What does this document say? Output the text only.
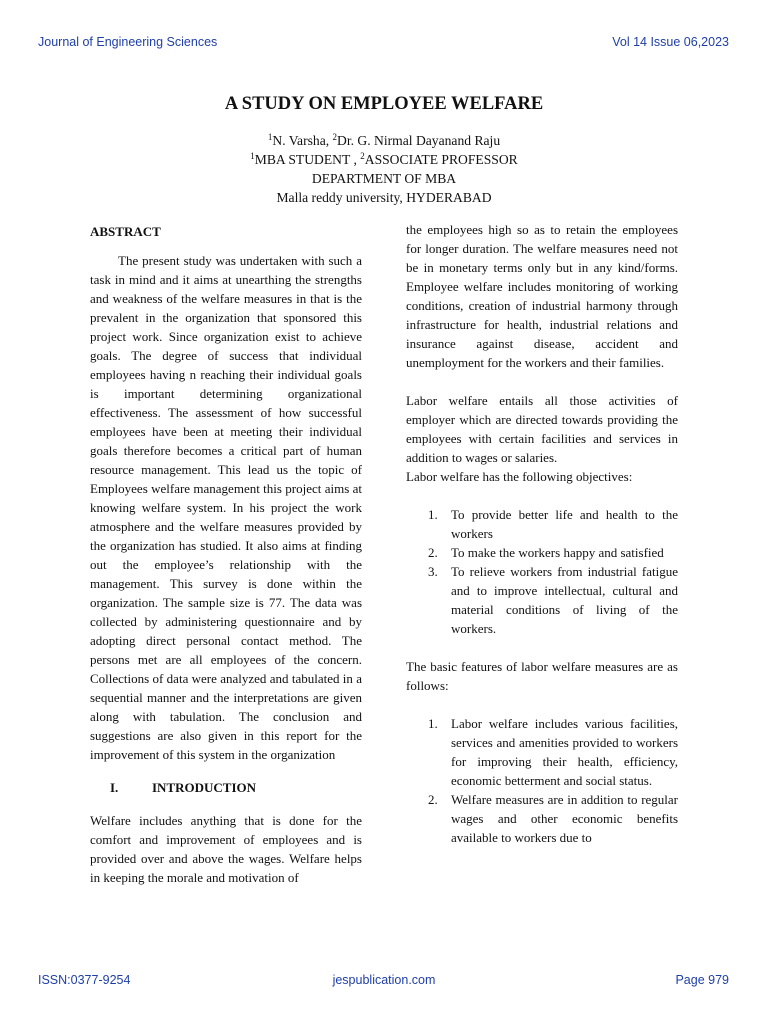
Journal of Engineering Sciences	Vol 14 Issue 06,2023
A STUDY ON EMPLOYEE WELFARE
$^1$N. Varsha, $^2$Dr. G. Nirmal Dayanand Raju
$^1$MBA STUDENT , $^2$ASSOCIATE PROFESSOR
DEPARTMENT OF MBA
Malla reddy university, HYDERABAD

ABSTRACT

The present study was undertaken with such a task in mind and it aims at unearthing the strengths and weakness of the welfare measures in that is the prevalent in the organization that sponsored this project work. Since organization exist to achieve goals. The degree of success that individual employees having n reaching their individual goals is important determining organizational effectiveness. The assessment of how successful employees have been at meeting their individual goals therefore becomes a critical part of human resource management. This lead us the topic of Employees welfare management this project aims at knowing welfare system. In his project the work atmosphere and the welfare measures provided by the organization has studied. It also aims at finding out the employee’s relationship with the management. This survey is done within the organization. The sample size is 77. The data was collected by administering questionnaire and by adopting direct personal contact method. The persons met are all employees of the concern. Collections of data were analyzed and tabulated in a sequential manner and the interpretations are given along with tabulation. The conclusion and suggestions are also given in this report for the improvement of this system in the organization

I.	INTRODUCTION

Welfare includes anything that is done for the comfort and improvement of employees and is provided over and above the wages. Welfare helps in keeping the morale and motivation of

the employees high so as to retain the employees for longer duration. The welfare measures need not be in monetary terms only but in any kind/forms. Employee welfare includes monitoring of working conditions, creation of industrial harmony through infrastructure for health, industrial relations and insurance against disease, accident and unemployment for the workers and their families.

Labor welfare entails all those activities of employer which are directed towards providing the employees with certain facilities and services in addition to wages or salaries.

Labor welfare has the following objectives:

1. To provide better life and health to the workers
2. To make the workers happy and satisfied
3. To relieve workers from industrial fatigue and to improve intellectual, cultural and material conditions of living of the workers.

The basic features of labor welfare measures are as follows:

1. Labor welfare includes various facilities, services and amenities provided to workers for improving their health, efficiency, economic betterment and social status.
2. Welfare measures are in addition to regular wages and other economic benefits available to workers due to
ISSN:0377-9254	jespublication.com	Page 979
